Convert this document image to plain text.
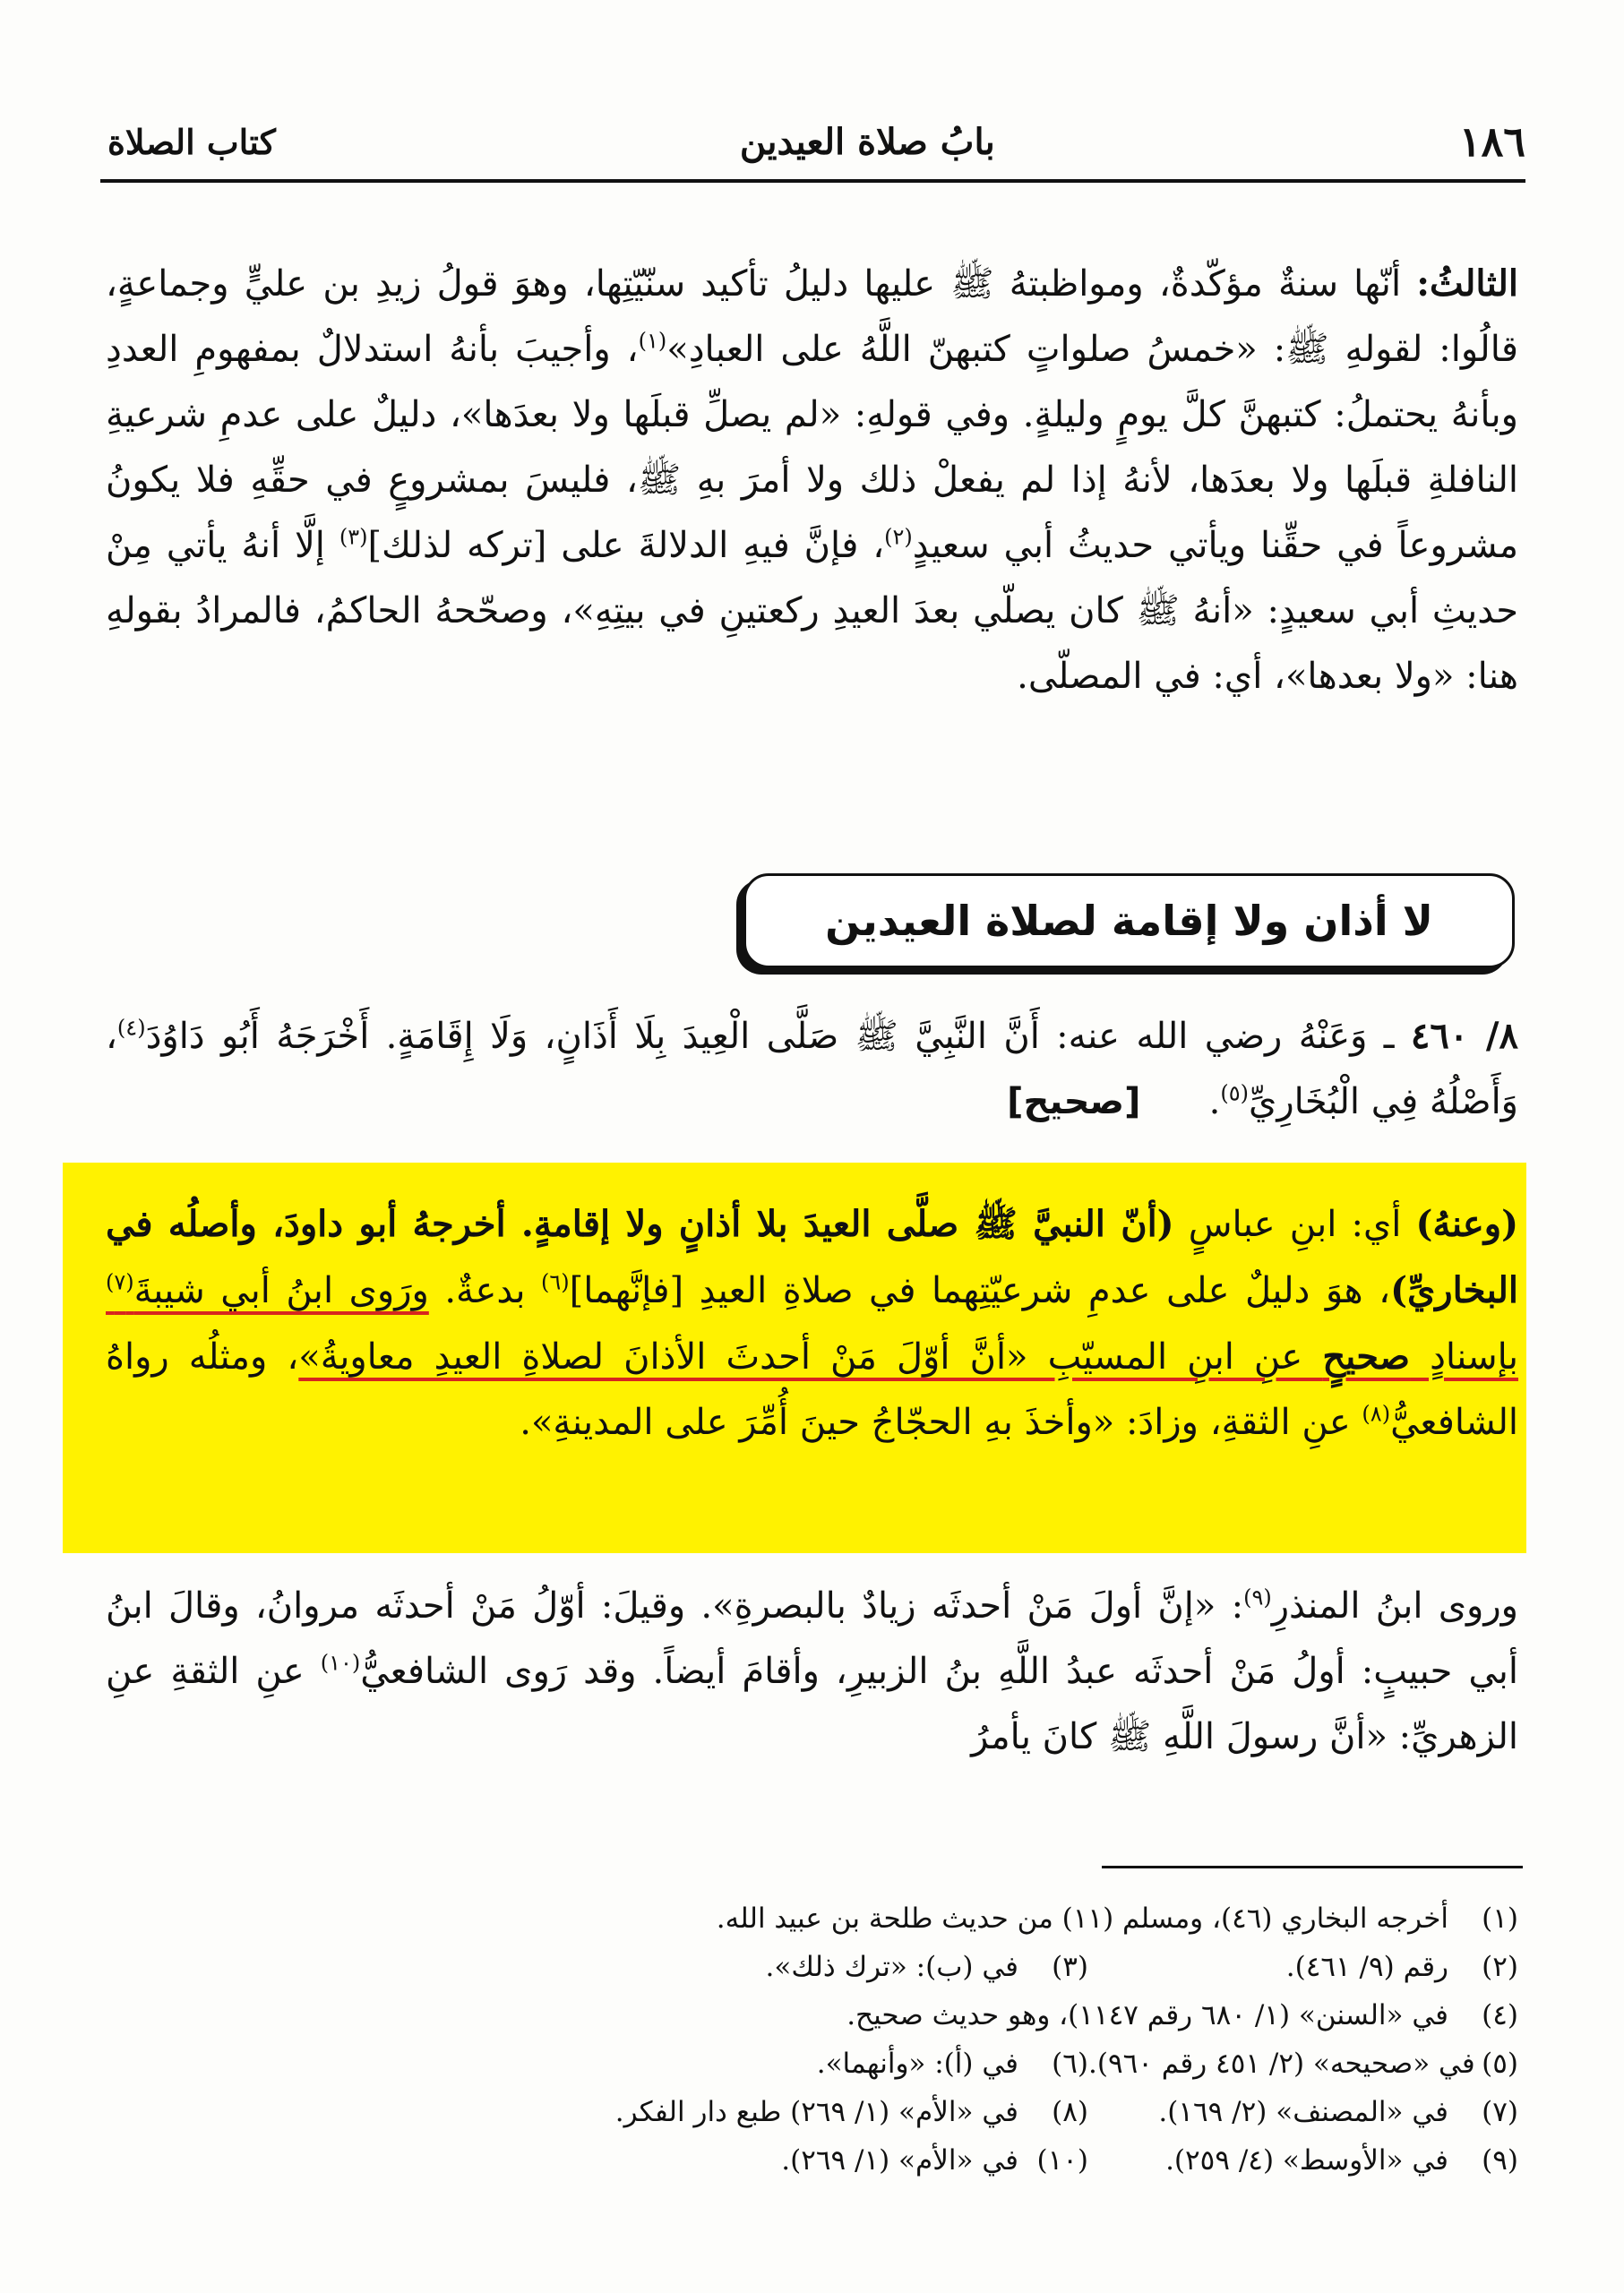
١٨٦
بابُ صلاة العيدين
كتاب الصلاة
الثالثُ: أنّها سنةٌ مؤكّدةٌ، ومواظبتهُ ﷺ عليها دليلُ تأكيد سنّيّتِها، وهوَ قولُ زيدِ بن عليٍّ وجماعةٍ، قالُوا: لقولهِ ﷺ: «خمسُ صلواتٍ كتبهنّ اللَّهُ على العبادِ»$^{(١)}$، وأجيبَ بأنهُ استدلالٌ بمفهومِ العددِ وبأنهُ يحتملُ: كتبهنَّ كلَّ يومٍ وليلةٍ. وفي قولهِ: «لم يصلِّ قبلَها ولا بعدَها»، دليلٌ على عدمِ شرعيةِ النافلةِ قبلَها ولا بعدَها، لأنهُ إذا لم يفعلْ ذلك ولا أمرَ بهِ ﷺ، فليسَ بمشروعٍ في حقِّهِ فلا يكونُ مشروعاً في حقِّنا ويأتي حديثُ أبي سعيدٍ$^{(٢)}$، فإنَّ فيهِ الدلالةَ على [تركه لذلك]$^{(٣)}$ إلَّا أنهُ يأتي مِنْ حديثِ أبي سعيدٍ: «أنهُ ﷺ كان يصلّي بعدَ العيدِ ركعتينِ في بيتِهِ»، وصحّحهُ الحاكمُ، فالمرادُ بقولهِ هنا: «ولا بعدها»، أي: في المصلّى.
لا أذان ولا إقامة لصلاة العيدين
٨/ ٤٦٠ ـ وَعَنْهُ رضي الله عنه: أَنَّ النَّبِيَّ ﷺ صَلَّى الْعِيدَ بِلَا أَذَانٍ، وَلَا إِقَامَةٍ. أَخْرَجَهُ أَبُو دَاوُدَ$^{(٤)}$، وَأَصْلُهُ فِي الْبُخَارِيِّ$^{(٥)}$.      [صحيح]
(وعنهُ) أي: ابنِ عباسٍ (أنّ النبيَّ ﷺ صلَّى العيدَ بلا أذانٍ ولا إقامةٍ. أخرجهُ أبو داودَ، وأصلُه في البخاريِّ)، هوَ دليلٌ على عدمِ شرعيّتِهما في صلاةِ العيدِ [فإنَّهما]$^{(٦)}$ بدعةٌ. ورَوى ابنُ أبي شيبةَ$^{(٧)}$ بإسنادٍ صحيحٍ عنِ ابنِ المسيّبِ «أنَّ أوّلَ مَنْ أحدثَ الأذانَ لصلاةِ العيدِ معاويةُ»، ومثلُه رواهُ الشافعيُّ$^{(٨)}$ عنِ الثقةِ، وزادَ: «وأخذَ بهِ الحجّاجُ حينَ أُمِّرَ على المدينةِ».
وروى ابنُ المنذرِ$^{(٩)}$: «إنَّ أولَ مَنْ أحدثَه زيادٌ بالبصرةِ». وقيلَ: أوّلُ مَنْ أحدثَه مروانُ، وقالَ ابنُ أبي حبيبٍ: أولُ مَنْ أحدثَه عبدُ اللَّهِ بنُ الزبيرِ، وأقامَ أيضاً. وقد رَوى الشافعيُّ$^{(١٠)}$ عنِ الثقةِ عنِ الزهريِّ: «أنَّ رسولَ اللَّهِ ﷺ كانَ يأمرُ
(١)
أخرجه البخاري (٤٦)، ومسلم (١١) من حديث طلحة بن عبيد الله.
(٢)
رقم (٩/ ٤٦١).
(٣)
في (ب): «ترك ذلك».
(٤)
في «السنن» (١/ ٦٨٠ رقم ١١٤٧)، وهو حديث صحيح.
(٥)
في «صحيحه» (٢/ ٤٥١ رقم ٩٦٠).
(٦)
في (أ): «وأنهما».
(٧)
في «المصنف» (٢/ ١٦٩).
(٨)
في «الأم» (١/ ٢٦٩) طبع دار الفكر.
(٩)
في «الأوسط» (٤/ ٢٥٩).
(١٠)
في «الأم» (١/ ٢٦٩).
